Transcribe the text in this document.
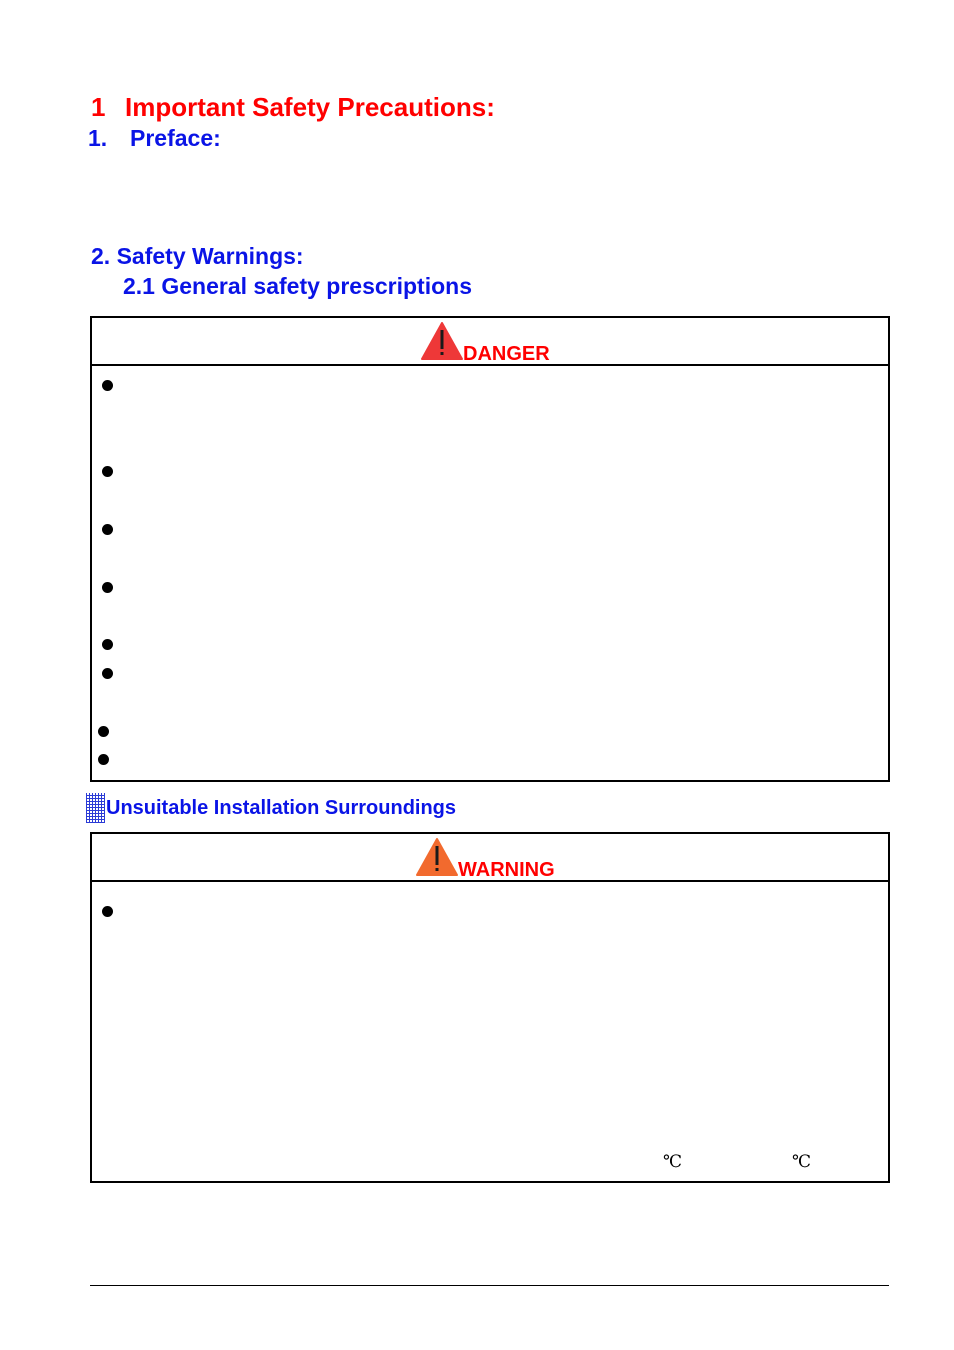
1 Important Safety Precautions:
1. Preface:
2. Safety Warnings:
2.1 General safety prescriptions
DANGER
Unsuitable Installation Surroundings
WARNING
℃	℃
